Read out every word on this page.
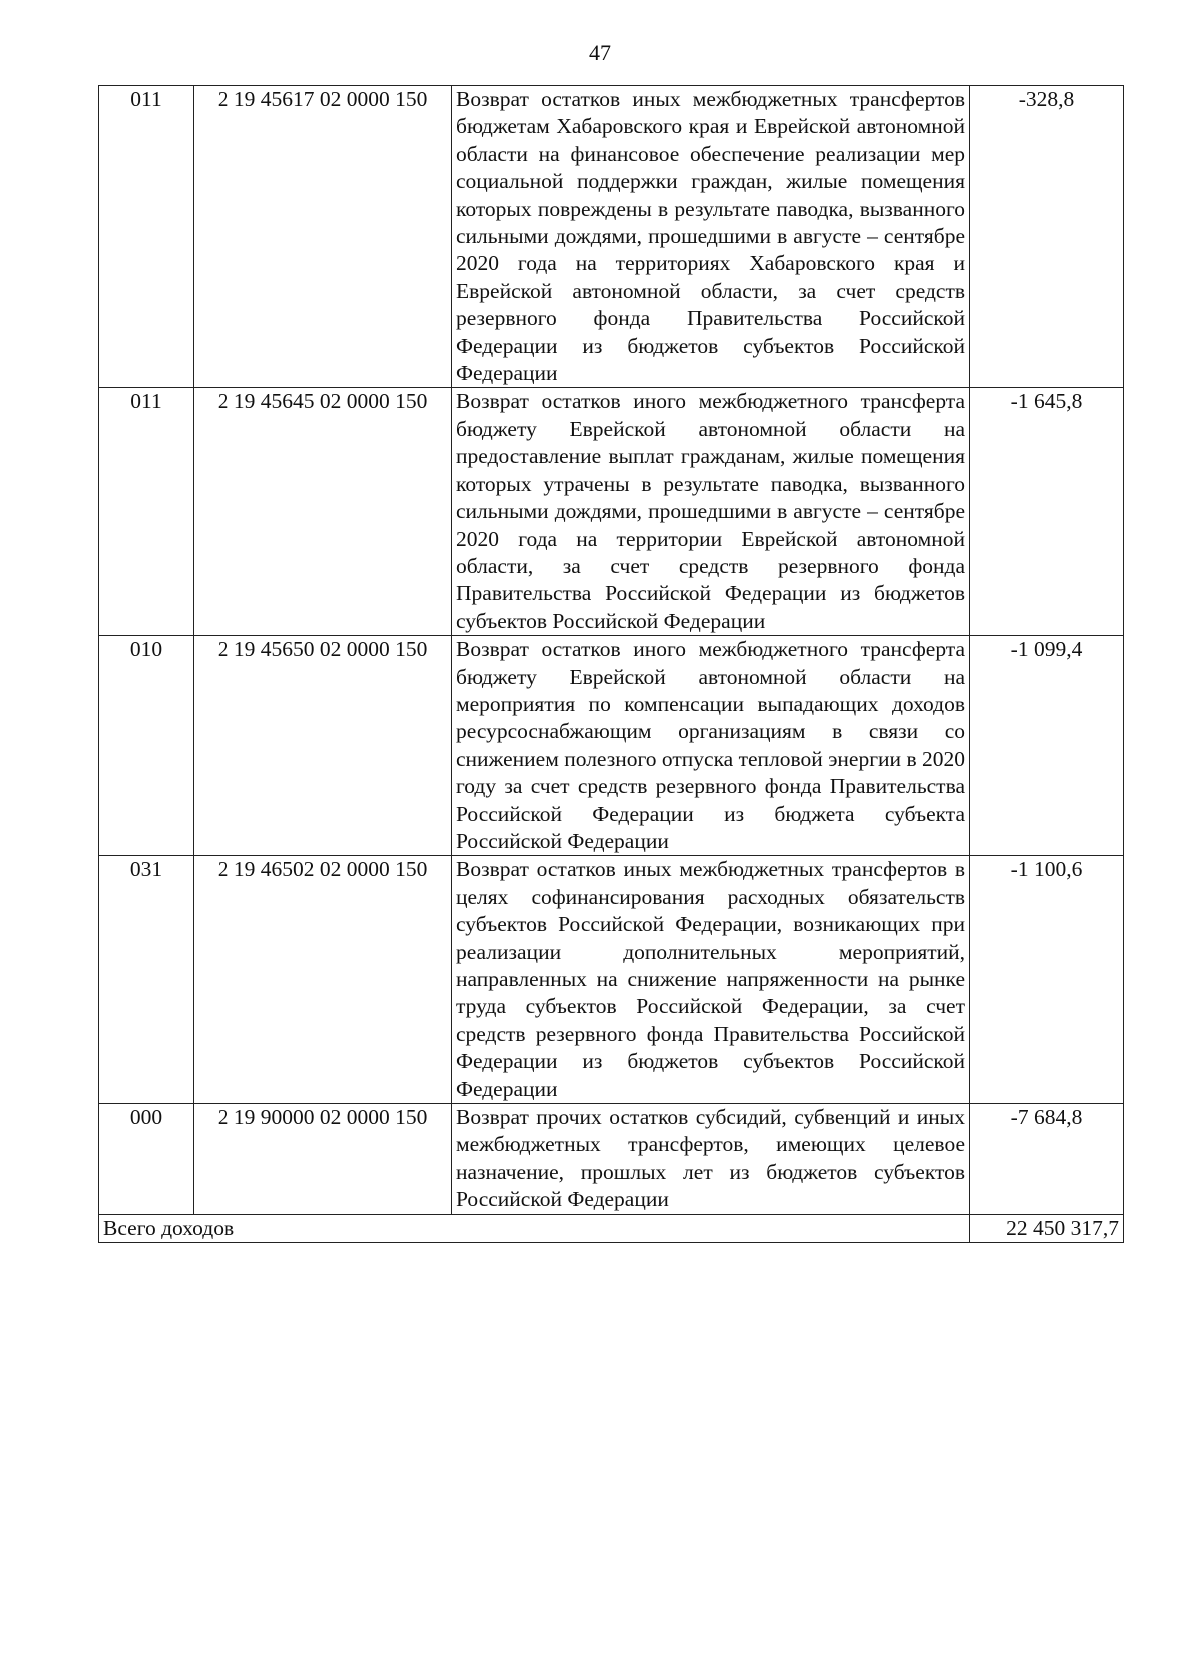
47
011	2 19 45617 02 0000 150	Возврат остатков иных межбюджетных трансфертов бюджетам Хабаровского края и Еврейской автономной области на финансовое обеспечение реализации мер социальной поддержки граждан, жилые помещения которых повреждены в результате паводка, вызванного сильными дождями, прошедшими в августе – сентябре 2020 года на территориях Хабаровского края и Еврейской автономной области, за счет средств резервного фонда Правительства Российской Федерации из бюджетов субъектов Российской Федерации	-328,8
011	2 19 45645 02 0000 150	Возврат остатков иного межбюджетного трансферта бюджету Еврейской автономной области на предоставление выплат гражданам, жилые помещения которых утрачены в результате паводка, вызванного сильными дождями, прошедшими в августе – сентябре 2020 года на территории Еврейской автономной области, за счет средств резервного фонда Правительства Российской Федерации из бюджетов субъектов Российской Федерации	-1 645,8
010	2 19 45650 02 0000 150	Возврат остатков иного межбюджетного трансферта бюджету Еврейской автономной области на мероприятия по компенсации выпадающих доходов ресурсоснабжающим организациям в связи со снижением полезного отпуска тепловой энергии в 2020 году за счет средств резервного фонда Правительства Российской Федерации из бюджета субъекта Российской Федерации	-1 099,4
031	2 19 46502 02 0000 150	Возврат остатков иных межбюджетных трансфертов в целях софинансирования расходных обязательств субъектов Российской Федерации, возникающих при реализации дополнительных мероприятий, направленных на снижение напряженности на рынке труда субъектов Российской Федерации, за счет средств резервного фонда Правительства Российской Федерации из бюджетов субъектов Российской Федерации	-1 100,6
000	2 19 90000 02 0000 150	Возврат прочих остатков субсидий, субвенций и иных межбюджетных трансфертов, имеющих целевое назначение, прошлых лет из бюджетов субъектов Российской Федерации	-7 684,8
Всего доходов			22 450 317,7
